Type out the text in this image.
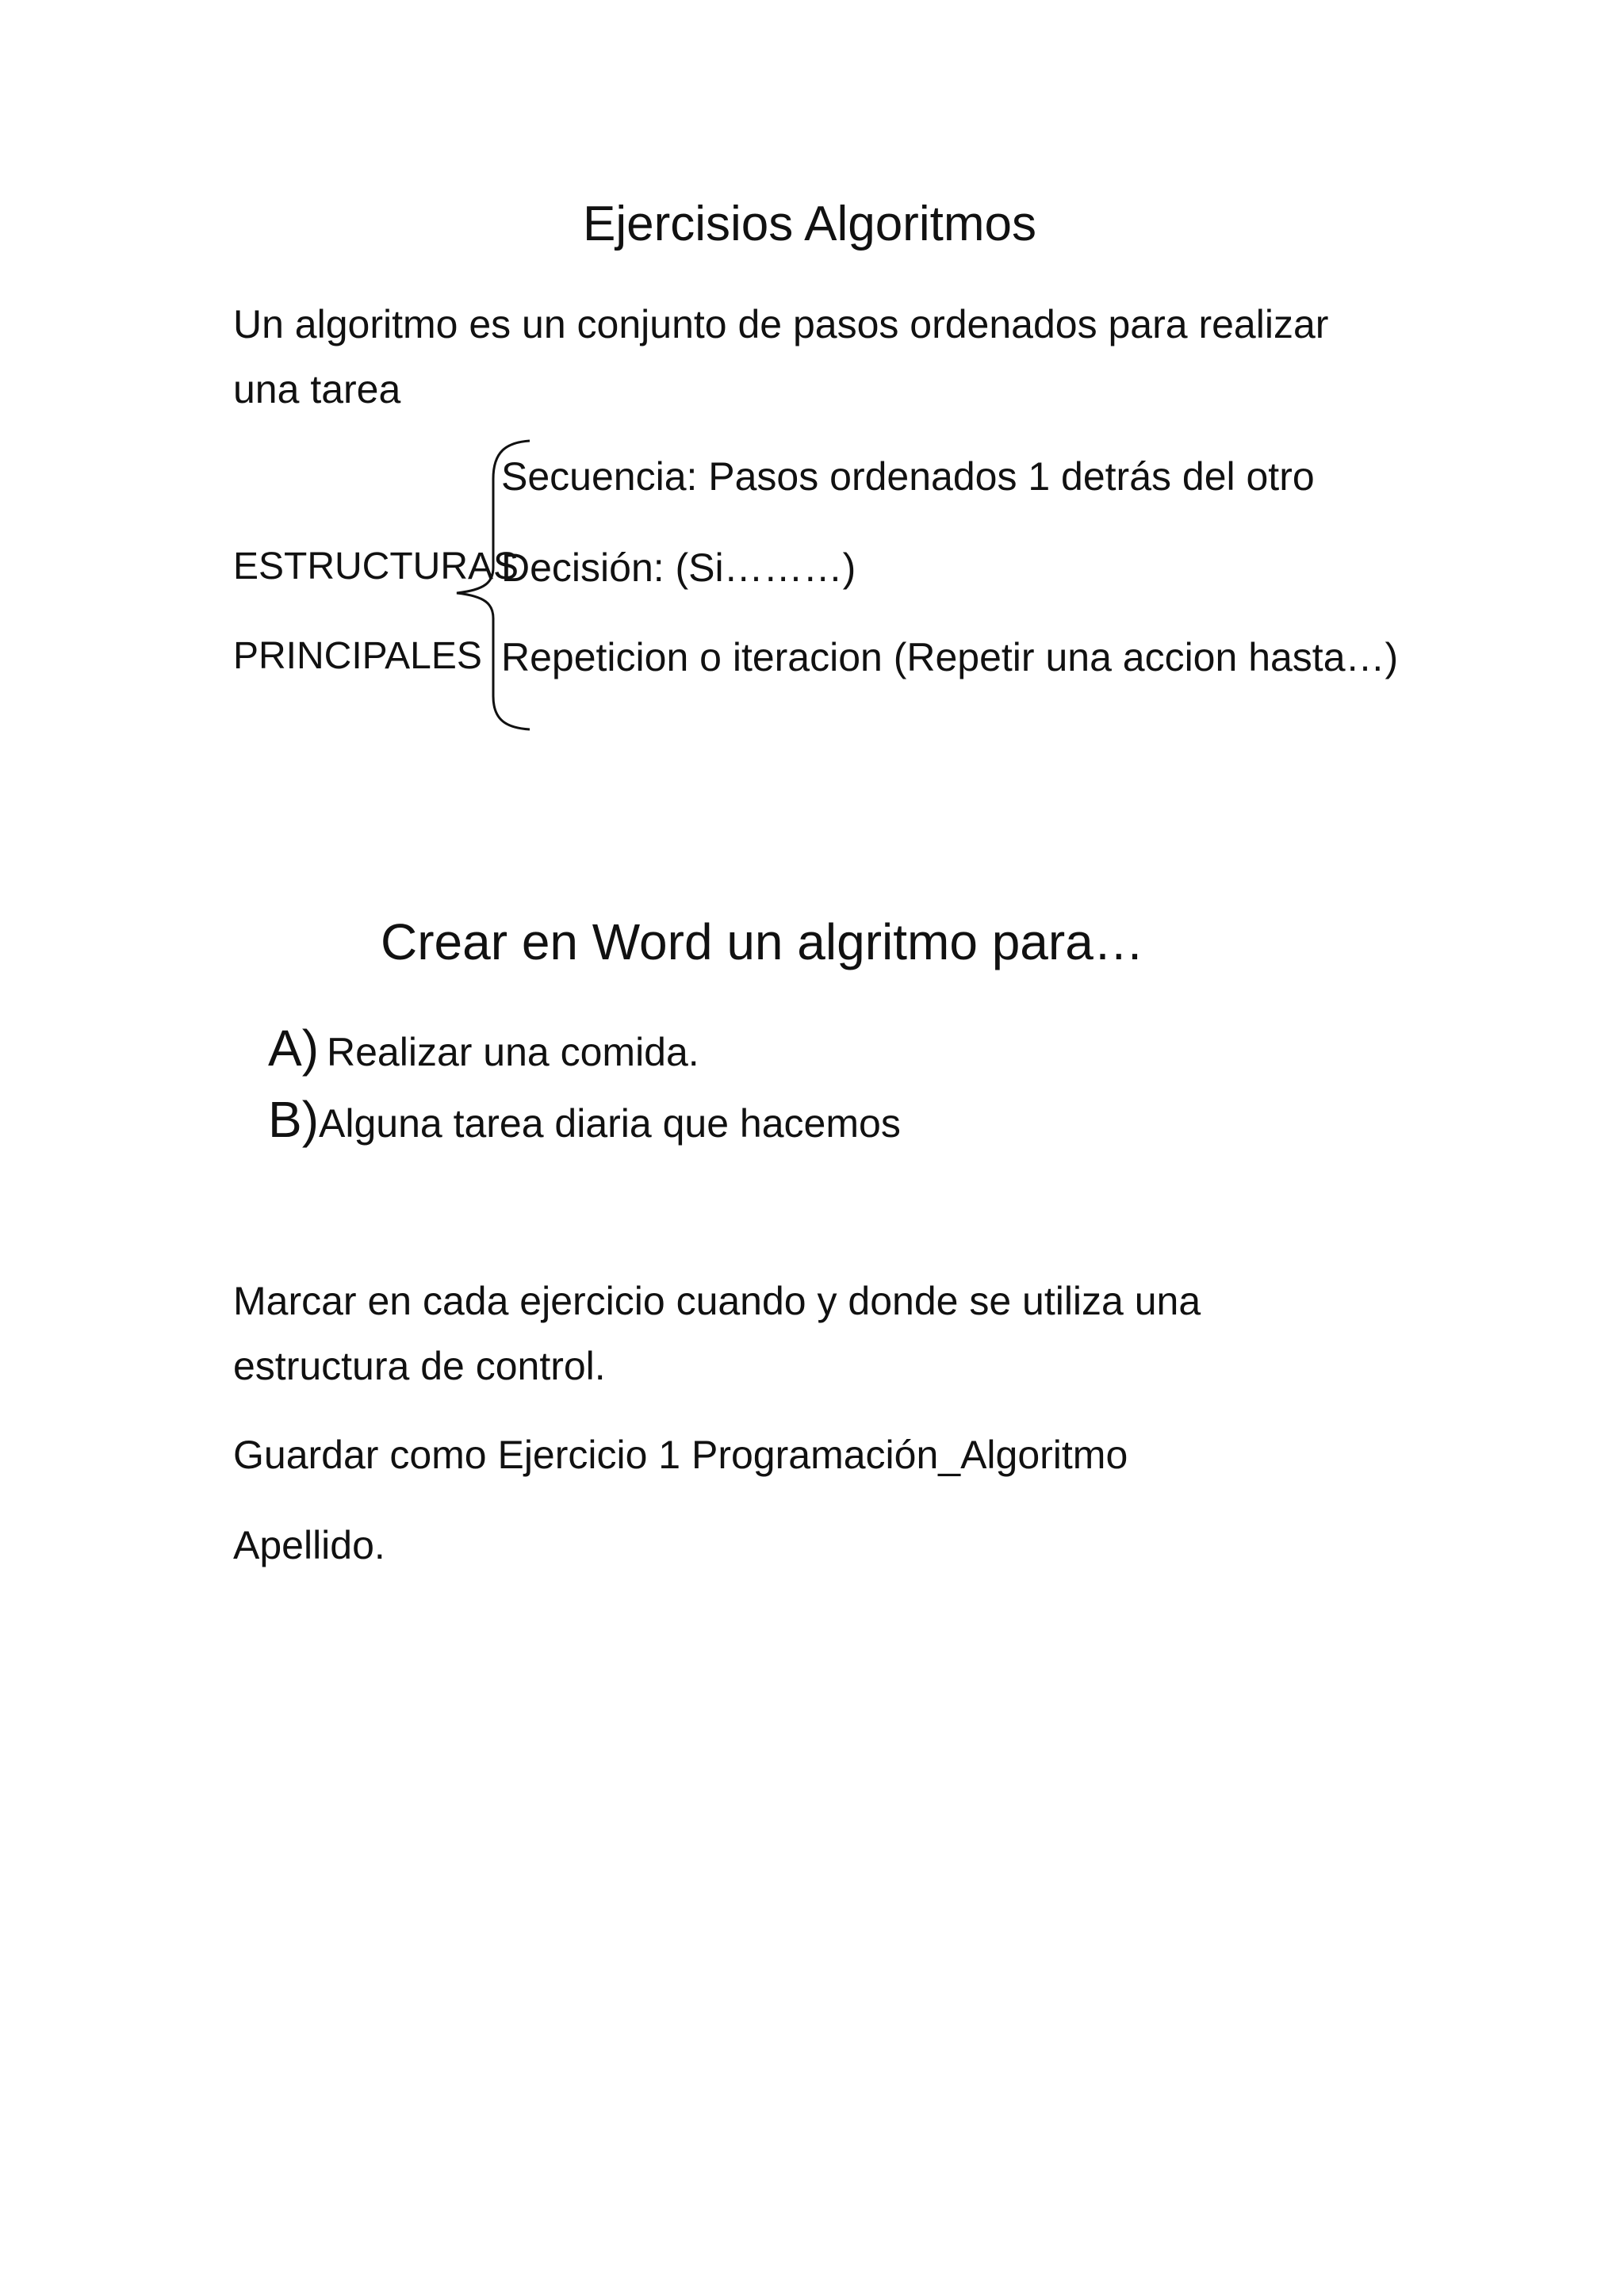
Ejercisios Algoritmos
Un algoritmo es un conjunto de pasos ordenados para realizar
una tarea
ESTRUCTURAS
PRINCIPALES
Secuencia: Pasos ordenados 1 detrás del otro
Decisión: (Si………)
Repeticion o iteracion (Repetir una accion hasta…)
Crear en Word un algritmo para…
A) Realizar una comida.
B)Alguna tarea diaria que hacemos
Marcar en cada ejercicio cuando y donde se utiliza una
estructura de control.
Guardar como Ejercicio 1 Programación_Algoritmo
Apellido.
